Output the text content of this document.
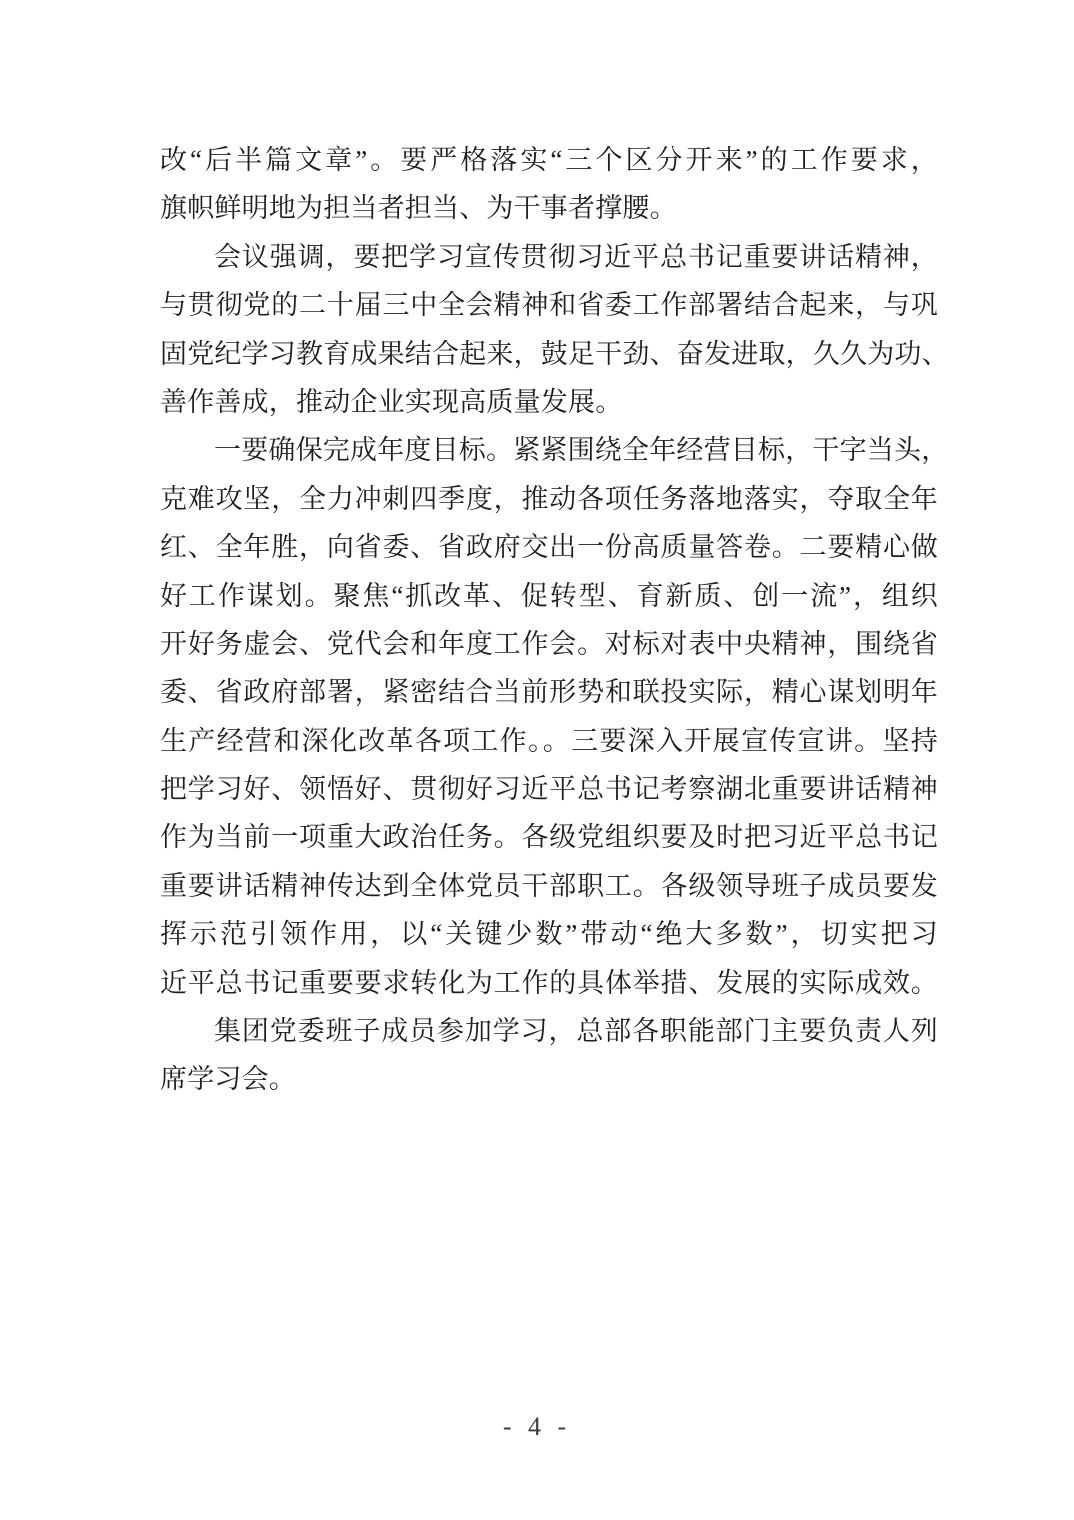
改“后半篇文章”。要严格落实“三个区分开来”的工作要求，
旗帜鲜明地为担当者担当、为干事者撑腰。
会议强调，要把学习宣传贯彻习近平总书记重要讲话精神，
与贯彻党的二十届三中全会精神和省委工作部署结合起来，与巩
固党纪学习教育成果结合起来，鼓足干劲、奋发进取，久久为功、
善作善成，推动企业实现高质量发展。
一要确保完成年度目标。紧紧围绕全年经营目标，干字当头，
克难攻坚，全力冲刺四季度，推动各项任务落地落实，夺取全年
红、全年胜，向省委、省政府交出一份高质量答卷。二要精心做
好工作谋划。聚焦“抓改革、促转型、育新质、创一流”，组织
开好务虚会、党代会和年度工作会。对标对表中央精神，围绕省
委、省政府部署，紧密结合当前形势和联投实际，精心谋划明年
生产经营和深化改革各项工作。。三要深入开展宣传宣讲。坚持
把学习好、领悟好、贯彻好习近平总书记考察湖北重要讲话精神
作为当前一项重大政治任务。各级党组织要及时把习近平总书记
重要讲话精神传达到全体党员干部职工。各级领导班子成员要发
挥示范引领作用，以“关键少数”带动“绝大多数”，切实把习
近平总书记重要要求转化为工作的具体举措、发展的实际成效。
集团党委班子成员参加学习，总部各职能部门主要负责人列
席学习会。
- 4 -
